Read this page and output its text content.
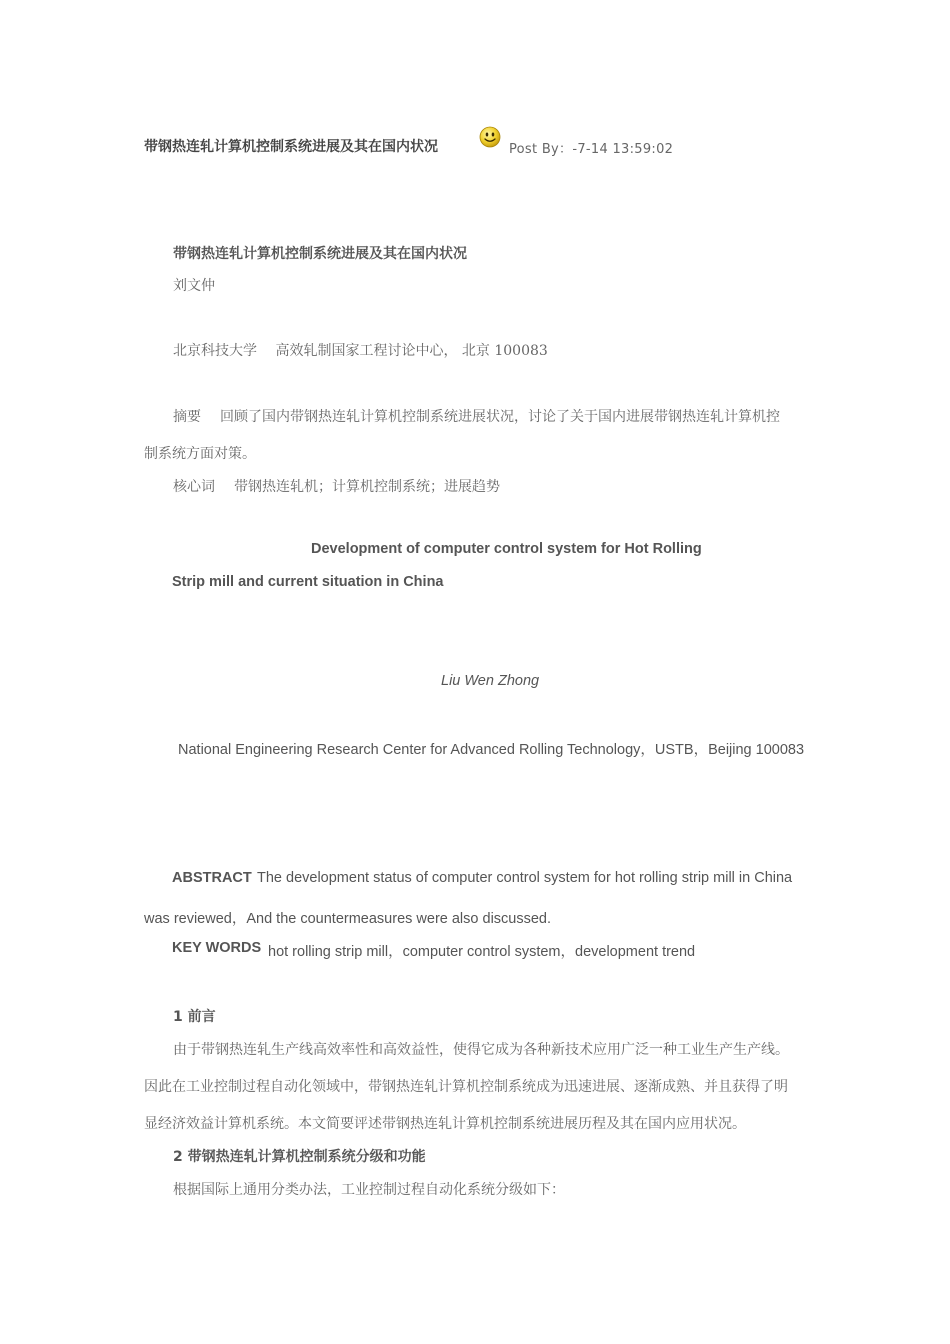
带钢热连轧计算机控制系统进展及其在国内状况	Post By：-7-14 13:59:02
带钢热连轧计算机控制系统进展及其在国内状况
刘文仲
北京科技大学　 高效轧制国家工程讨论中心， 北京 100083
摘要 回顾了国内带钢热连轧计算机控制系统进展状况，讨论了关于国内进展带钢热连轧计算机控
制系统方面对策。
核心词 带钢热连轧机；计算机控制系统；进展趋势
Development of computer control system for Hot Rolling
Strip mill and current situation in China
Liu Wen Zhong
National Engineering Research Center for Advanced Rolling Technology，USTB，Beijing 100083
ABSTRACT The development status of computer control system for hot rolling strip mill in China
was reviewed，And the countermeasures were also discussed.
KEY WORDS hot rolling strip mill，computer control system，development trend
1 前言
由于带钢热连轧生产线高效率性和高效益性，使得它成为各种新技术应用广泛一种工业生产生产线。
因此在工业控制过程自动化领域中，带钢热连轧计算机控制系统成为迅速进展、逐渐成熟、并且获得了明
显经济效益计算机系统。本文简要评述带钢热连轧计算机控制系统进展历程及其在国内应用状况。
2 带钢热连轧计算机控制系统分级和功能
根据国际上通用分类办法，工业控制过程自动化系统分级如下：
